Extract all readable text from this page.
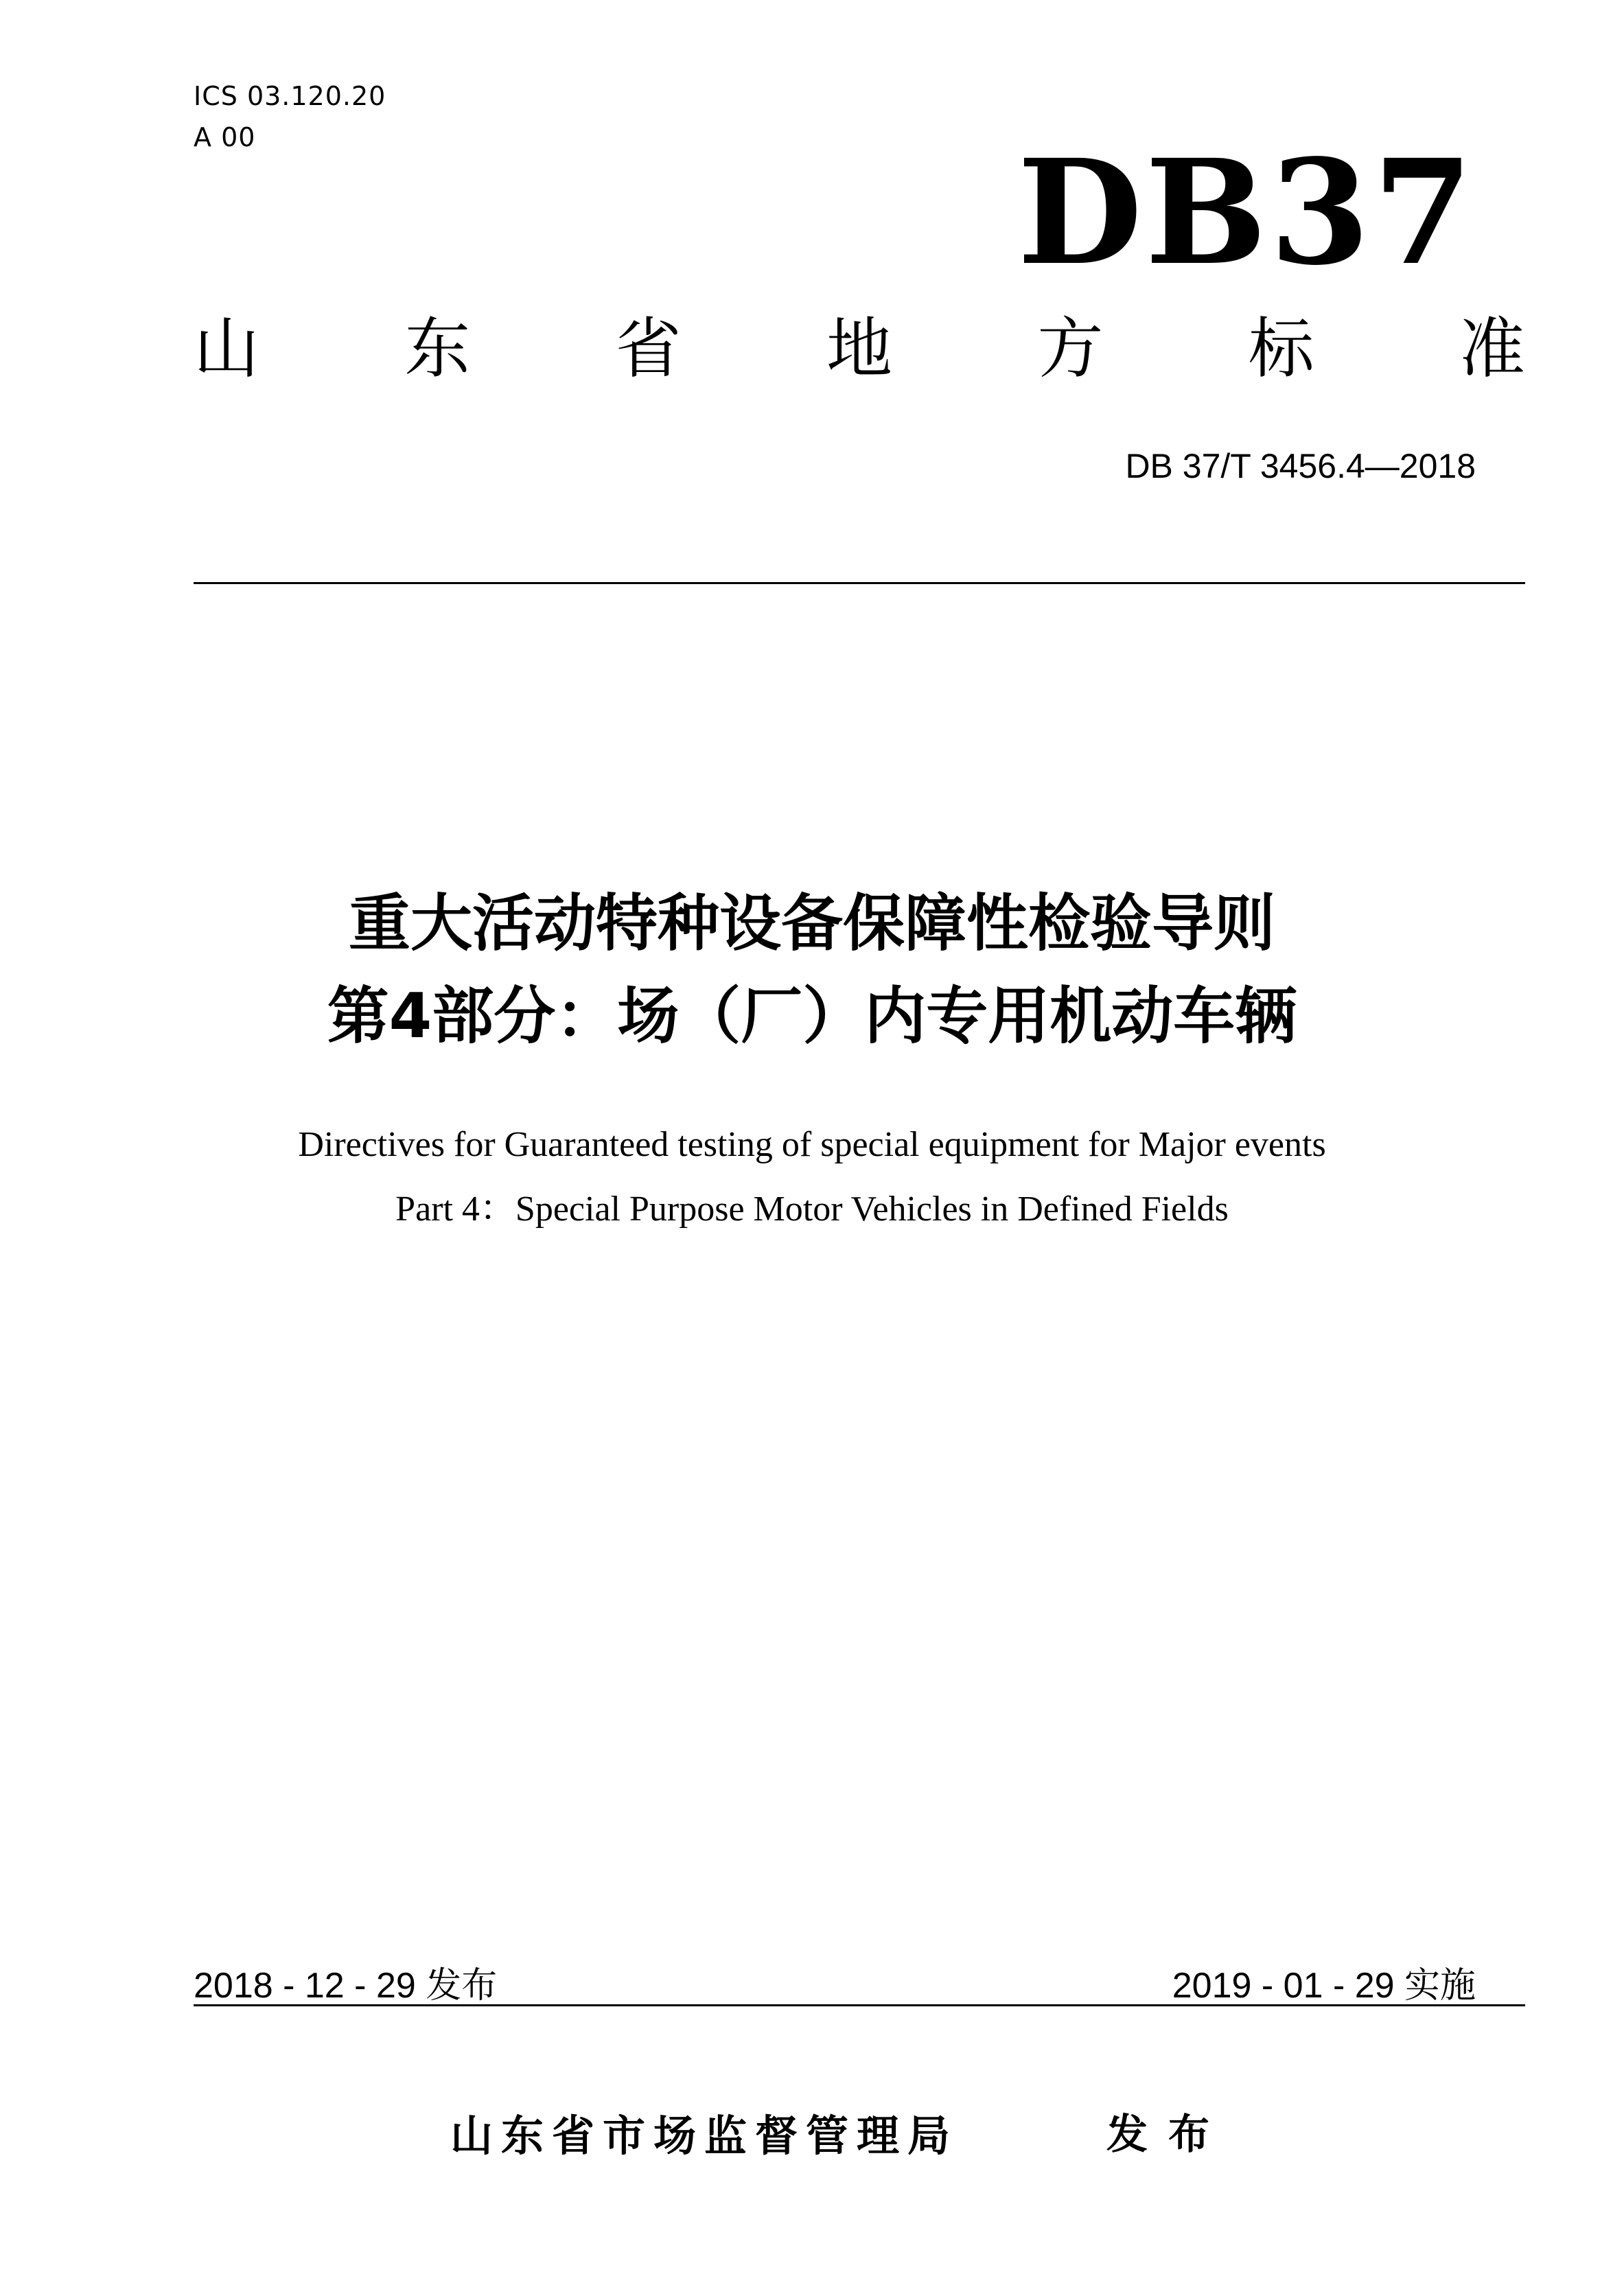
ICS 03.120.20
A 00	DB37
山 东 省 地 方 标 准
DB 37/T 3456.4—2018
重大活动特种设备保障性检验导则
第4部分：场（厂）内专用机动车辆
Directives for Guaranteed testing of special equipment for Major events
Part 4：Special Purpose Motor Vehicles in Defined Fields
2018 - 12 - 29 发布	2019 - 01 - 29 实施
山东省市场监督管理局	发布
